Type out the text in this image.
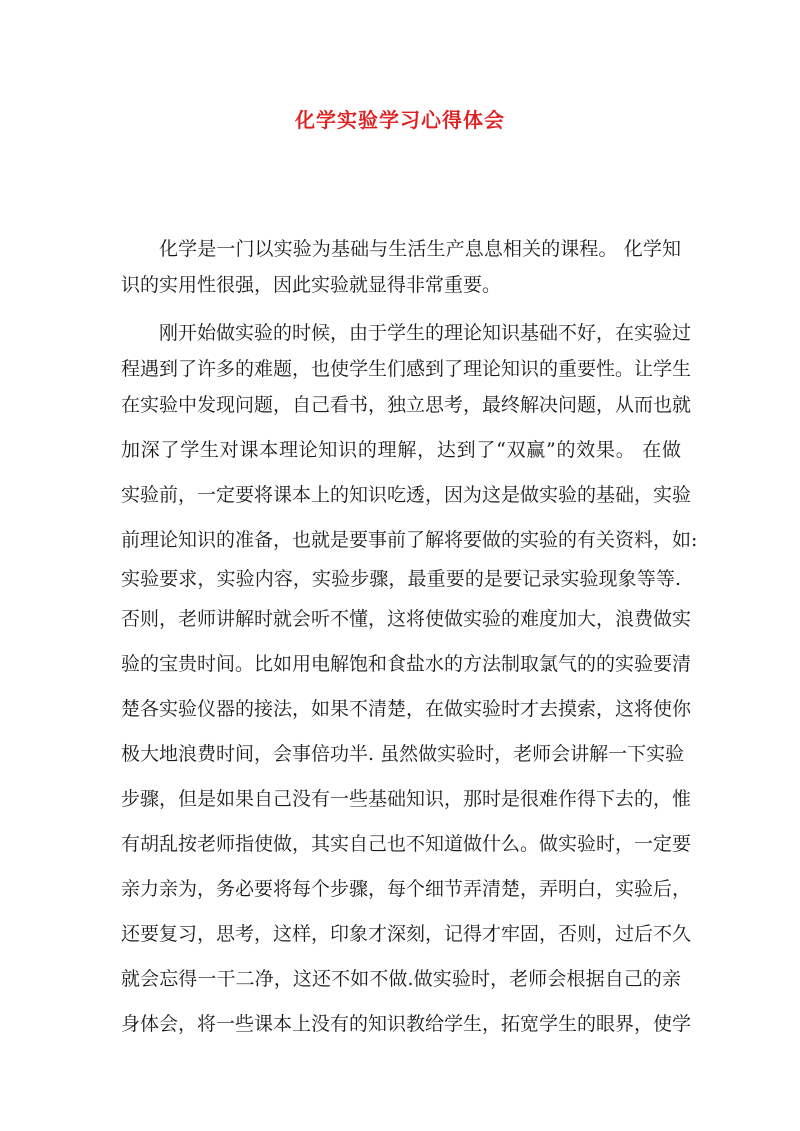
化学实验学习心得体会
化学是一门以实验为基础与生活生产息息相关的课程。 化学知
识的实用性很强，因此实验就显得非常重要。
刚开始做实验的时候，由于学生的理论知识基础不好，在实验过
程遇到了许多的难题，也使学生们感到了理论知识的重要性。让学生
在实验中发现问题，自己看书，独立思考，最终解决问题，从而也就
加深了学生对课本理论知识的理解，达到了“双赢”的效果。 在做
实验前，一定要将课本上的知识吃透，因为这是做实验的基础，实验
前理论知识的准备，也就是要事前了解将要做的实验的有关资料，如:
实验要求，实验内容，实验步骤，最重要的是要记录实验现象等等.
否则，老师讲解时就会听不懂，这将使做实验的难度加大，浪费做实
验的宝贵时间。比如用电解饱和食盐水的方法制取氯气的的实验要清
楚各实验仪器的接法，如果不清楚，在做实验时才去摸索，这将使你
极大地浪费时间，会事倍功半. 虽然做实验时，老师会讲解一下实验
步骤，但是如果自己没有一些基础知识，那时是很难作得下去的，惟
有胡乱按老师指使做，其实自己也不知道做什么。做实验时，一定要
亲力亲为，务必要将每个步骤，每个细节弄清楚，弄明白，实验后，
还要复习，思考，这样，印象才深刻，记得才牢固，否则，过后不久
就会忘得一干二净，这还不如不做.做实验时，老师会根据自己的亲
身体会，将一些课本上没有的知识教给学生，拓宽学生的眼界，使学
